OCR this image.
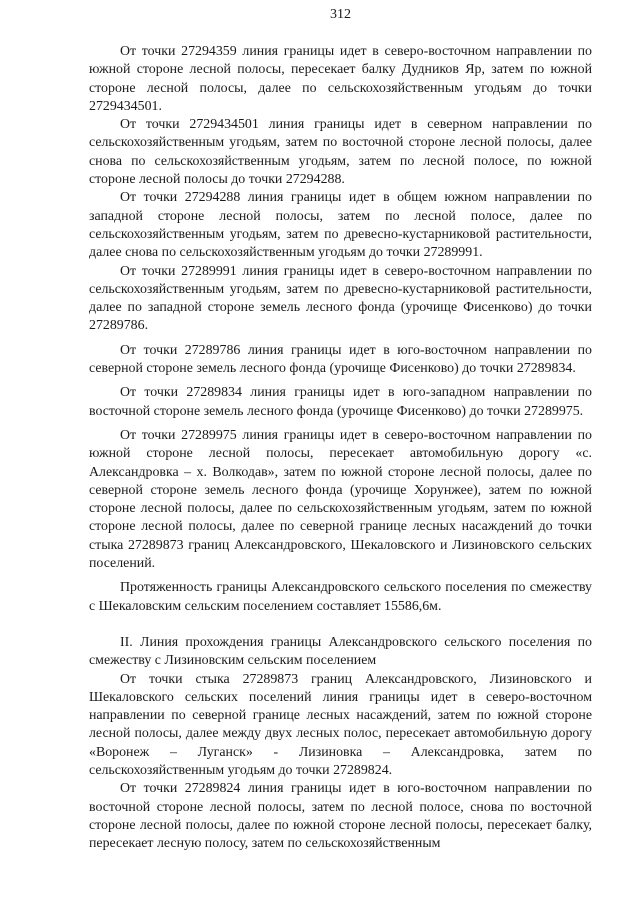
312

От точки 27294359 линия границы идет в северо-восточном направлении по южной стороне лесной полосы, пересекает балку Дудников Яр, затем по южной стороне лесной полосы, далее по сельскохозяйственным угодьям до точки 2729434501.

От точки 2729434501 линия границы идет в северном направлении по сельскохозяйственным угодьям, затем по восточной стороне лесной полосы, далее снова по сельскохозяйственным угодьям, затем по лесной полосе, по южной стороне лесной полосы до точки 27294288.

От точки 27294288 линия границы идет в общем южном направлении по западной стороне лесной полосы, затем по лесной полосе, далее по сельскохозяйственным угодьям, затем по древесно-кустарниковой растительности, далее снова по сельскохозяйственным угодьям до точки 27289991.

От точки 27289991 линия границы идет в северо-восточном направлении по сельскохозяйственным угодьям, затем по древесно-кустарниковой растительности, далее по западной стороне земель лесного фонда (урочище Фисенково) до точки 27289786.

От точки 27289786 линия границы идет в юго-восточном направлении по северной стороне земель лесного фонда (урочище Фисенково) до точки 27289834.

От точки 27289834 линия границы идет в юго-западном направлении по восточной стороне земель лесного фонда (урочище Фисенково) до точки 27289975.

От точки 27289975 линия границы идет в северо-восточном направлении по южной стороне лесной полосы, пересекает автомобильную дорогу «с. Александровка – х. Волкодав», затем по южной стороне лесной полосы, далее по северной стороне земель лесного фонда (урочище Хорунжее), затем по южной стороне лесной полосы, далее по сельскохозяйственным угодьям, затем по южной стороне лесной полосы, далее по северной границе лесных насаждений до точки стыка 27289873 границ Александровского, Шекаловского и Лизиновского сельских поселений.

Протяженность границы Александровского сельского поселения по смежеству с Шекаловским сельским поселением составляет 15586,6м.

II. Линия прохождения границы Александровского сельского поселения по смежеству с Лизиновским сельским поселением

От точки стыка 27289873 границ Александровского, Лизиновского и Шекаловского сельских поселений линия границы идет в северо-восточном направлении по северной границе лесных насаждений, затем по южной стороне лесной полосы, далее между двух лесных полос, пересекает автомобильную дорогу «Воронеж – Луганск» - Лизиновка – Александровка, затем по сельскохозяйственным угодьям до точки 27289824.

От точки 27289824 линия границы идет в юго-восточном направлении по восточной стороне лесной полосы, затем по лесной полосе, снова по восточной стороне лесной полосы, далее по южной стороне лесной полосы, пересекает балку, пересекает лесную полосу, затем по сельскохозяйственным
